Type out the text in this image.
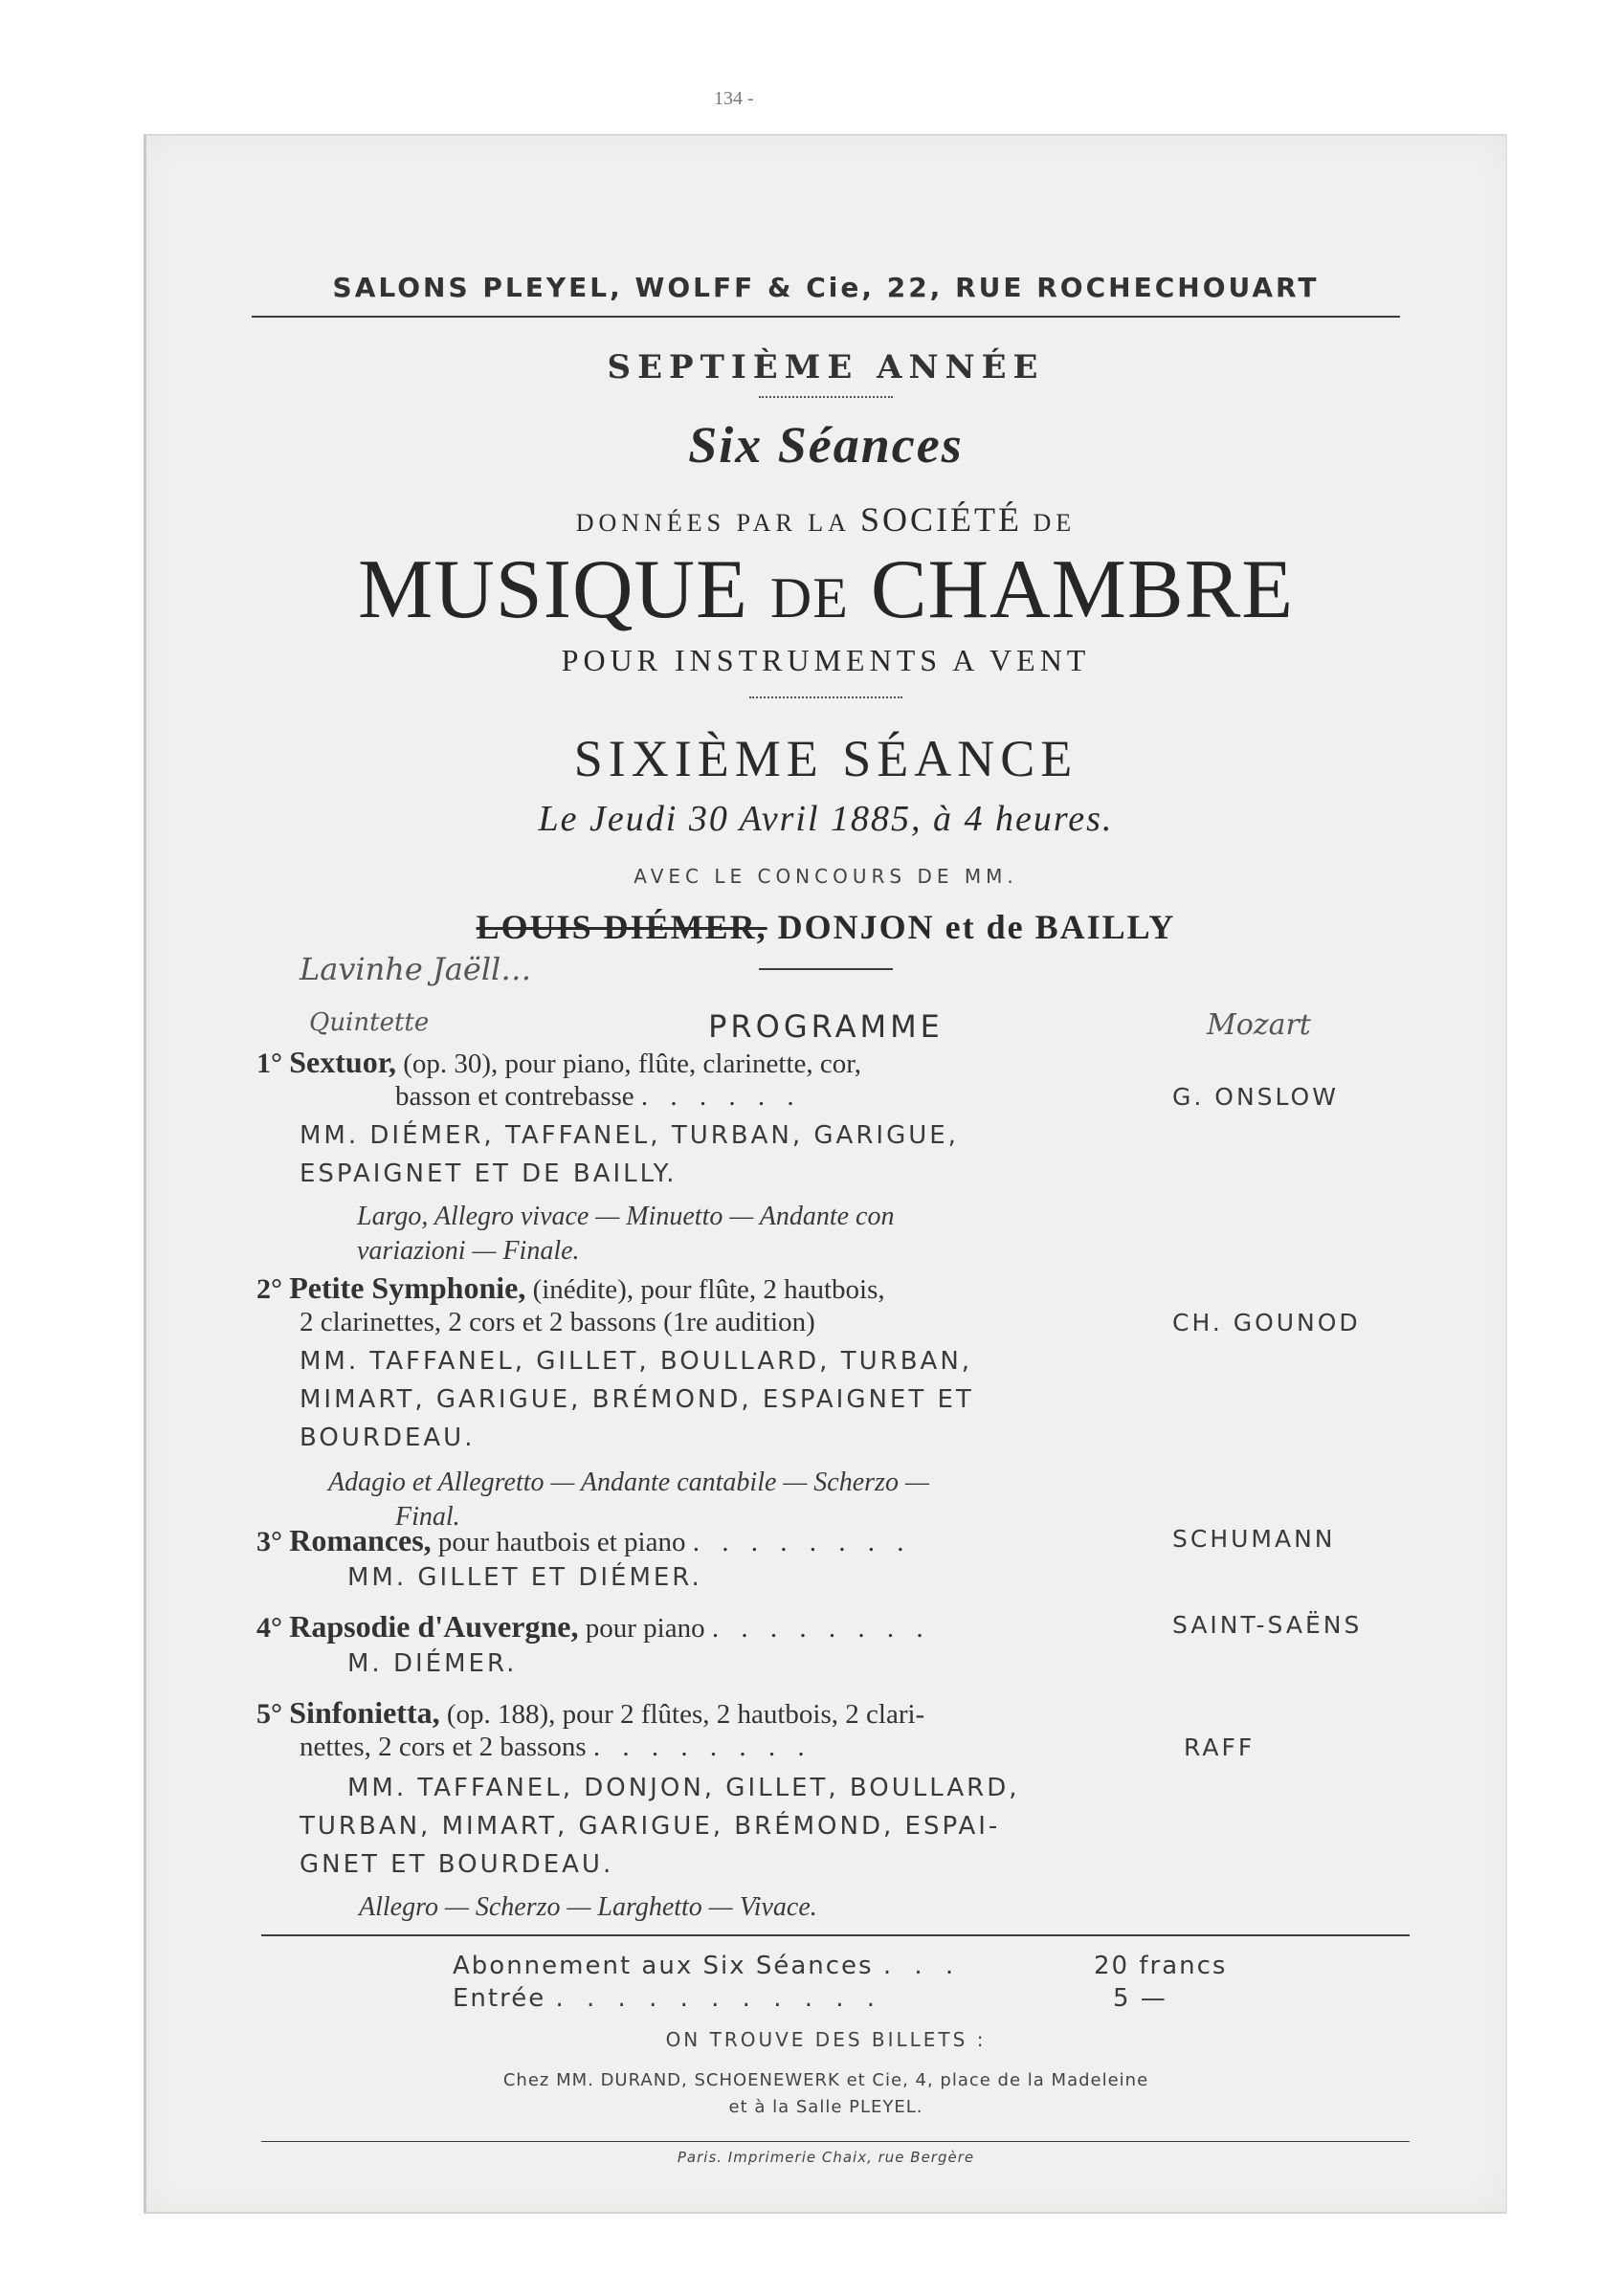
134 -
SALONS PLEYEL, WOLFF & Cie, 22, RUE ROCHECHOUART
SEPTIÈME ANNÉE
Six Séances
DONNÉES PAR LA SOCIÉTÉ DE
MUSIQUE DE CHAMBRE
POUR INSTRUMENTS A VENT
SIXIÈME SÉANCE
Le Jeudi 30 Avril 1885, à 4 heures.
AVEC LE CONCOURS DE MM.
LOUIS DIÉMER, DONJON et de BAILLY
Lavinhe Jaëll…
PROGRAMME
Quintette	Mozart
1° Sextuor, (op. 30), pour piano, flûte, clarinette, cor,
basson et contrebasse . . . . . .	G. ONSLOW
MM. DIÉMER, TAFFANEL, TURBAN, GARIGUE,
ESPAIGNET ET DE BAILLY.
Largo, Allegro vivace — Minuetto — Andante con
variazioni — Finale.
2° Petite Symphonie, (inédite), pour flûte, 2 hautbois,
2 clarinettes, 2 cors et 2 bassons (1re audition)	CH. GOUNOD
MM. TAFFANEL, GILLET, BOULLARD, TURBAN,
MIMART, GARIGUE, BRÉMOND, ESPAIGNET ET
BOURDEAU.
Adagio et Allegretto — Andante cantabile — Scherzo —
Final.
3° Romances, pour hautbois et piano . . . . . . . .	SCHUMANN
MM. GILLET ET DIÉMER.
4° Rapsodie d'Auvergne, pour piano . . . . . . . .	SAINT-SAËNS
M. DIÉMER.
5° Sinfonietta, (op. 188), pour 2 flûtes, 2 hautbois, 2 clari-
nettes, 2 cors et 2 bassons . . . . . . . .	RAFF
MM. TAFFANEL, DONJON, GILLET, BOULLARD,
TURBAN, MIMART, GARIGUE, BRÉMOND, ESPAI-
GNET ET BOURDEAU.
Allegro — Scherzo — Larghetto — Vivace.
Abonnement aux Six Séances . . .	20 francs
Entrée . . . . . . . . . . .	5 —
ON TROUVE DES BILLETS :
Chez MM. DURAND, SCHOENEWERK et Cie, 4, place de la Madeleine
et à la Salle PLEYEL.
Paris. Imprimerie Chaix, rue Bergère
